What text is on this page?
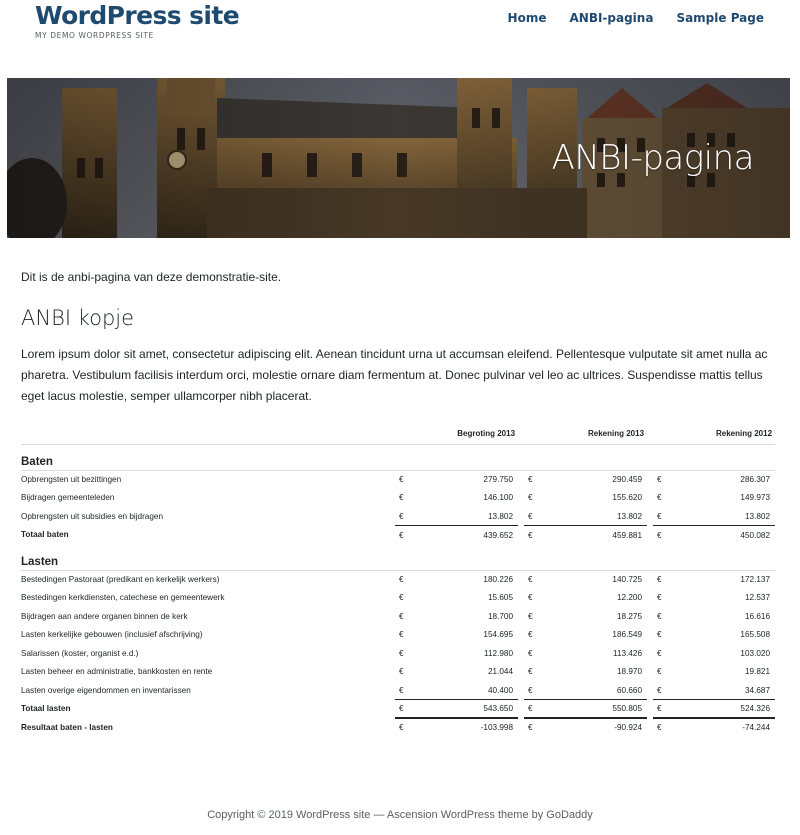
WordPress site
MY DEMO WORDPRESS SITE
Home ANBI-pagina Sample Page
ANBI-pagina

Dit is de anbi-pagina van deze demonstratie-site.

ANBI kopje

Lorem ipsum dolor sit amet, consectetur adipiscing elit. Aenean tincidunt urna ut accumsan eleifend. Pellentesque vulputate sit amet nulla ac pharetra. Vestibulum facilisis interdum orci, molestie ornare diam fermentum at. Donec pulvinar vel leo ac ultrices. Suspendisse mattis tellus eget lacus molestie, semper ullamcorper nibh placerat.

	Begroting 2013			Rekening 2013			Rekening 2012	
Baten								
Opbrengsten uit bezittingen	€	279.750		€	290.459		€	286.307
Bijdragen gemeenteleden	€	146.100		€	155.620		€	149.973
Opbrengsten uit subsidies en bijdragen	€	13.802		€	13.802		€	13.802
Totaal baten	€	439.652		€	459.881		€	450.082
Lasten								
Bestedingen Pastoraat (predikant en kerkelijk werkers)	€	180.226		€	140.725		€	172.137
Bestedingen kerkdiensten, catechese en gemeentewerk	€	15.605		€	12.200		€	12.537
Bijdragen aan andere organen binnen de kerk	€	18.700		€	18.275		€	16.616
Lasten kerkelijke gebouwen (inclusief afschrijving)	€	154.695		€	186.549		€	165.508
Salarissen (koster, organist e.d.)	€	112.980		€	113.426		€	103.020
Lasten beheer en administratie, bankkosten en rente	€	21.044		€	18.970		€	19.821
Lasten overige eigendommen en inventarissen	€	40.400		€	60.660		€	34.687
Totaal lasten	€	543.650		€	550.805		€	524.326
Resultaat baten - lasten	€	-103.998		€	-90.924		€	-74.244
Copyright © 2019 WordPress site — Ascension WordPress theme by GoDaddy
